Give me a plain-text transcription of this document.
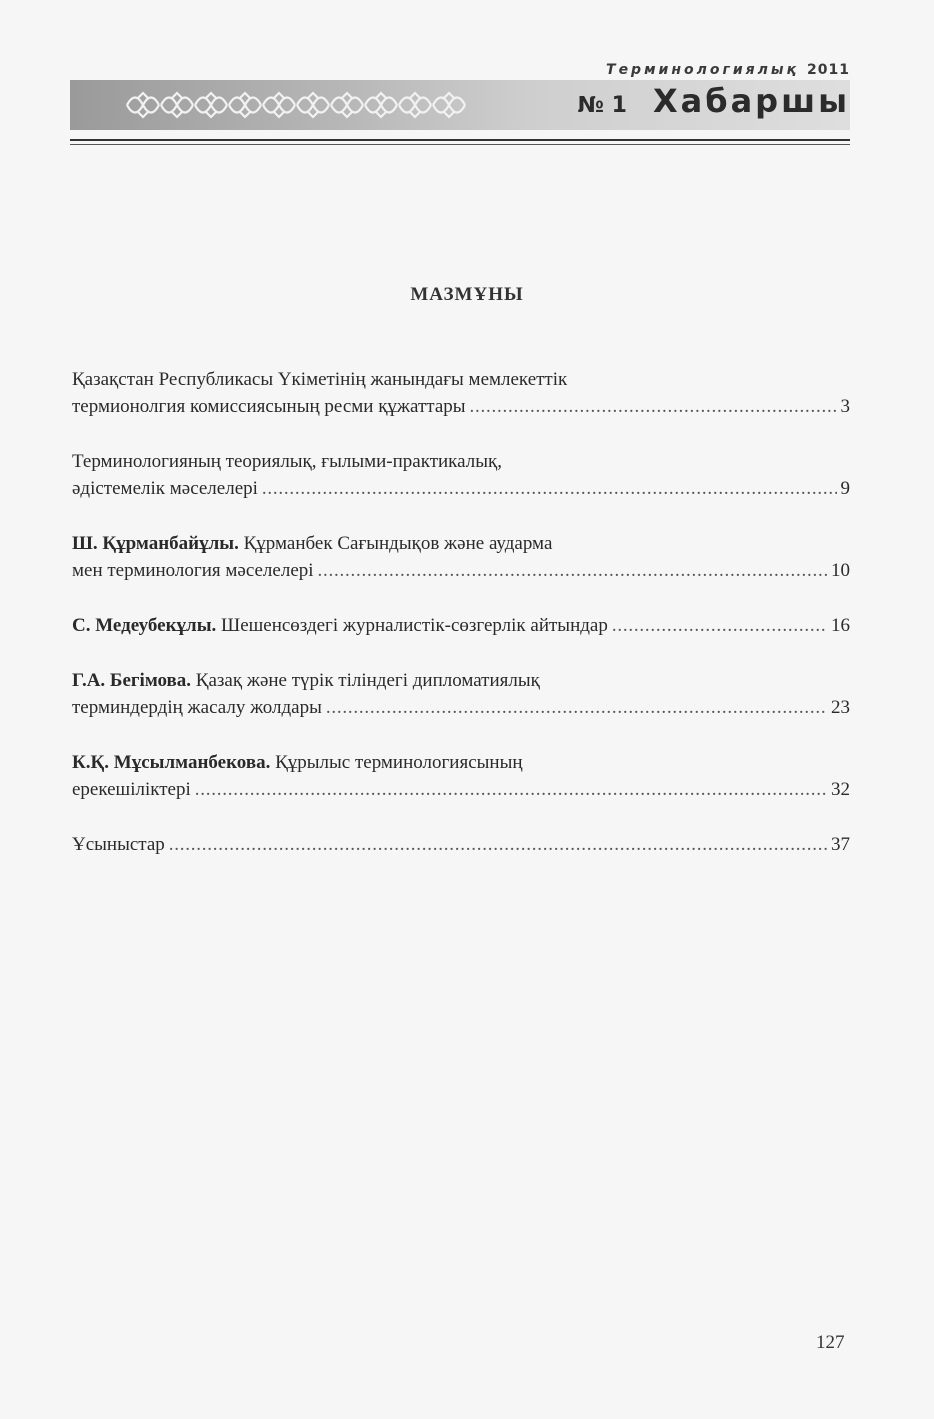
Терминологиялық 2011
№ 1 Хабаршы
МАЗМҰНЫ
Қазақстан Республикасы Үкіметінің жанындағы мемлекеттік
термионолгия комиссиясының ресми құжаттары . . .	3
Терминологияның теориялық, ғылыми-практикалық,
әдістемелік мәселелері . . .	9
Ш. Құрманбайұлы. Құрманбек Сағындықов және аударма
мен терминология мәселелері . . .	10
С. Медеубекұлы. Шешенсөздегі журналистік-сөзгерлік айтындар . . .	16
Г.А. Бегімова. Қазақ және түрік тіліндегі дипломатиялық
терминдердің жасалу жолдары . . .	23
К.Қ. Мұсылманбекова. Құрылыс терминологиясының
ерекешіліктері . . .	32
Ұсыныстар . . .	37
127
